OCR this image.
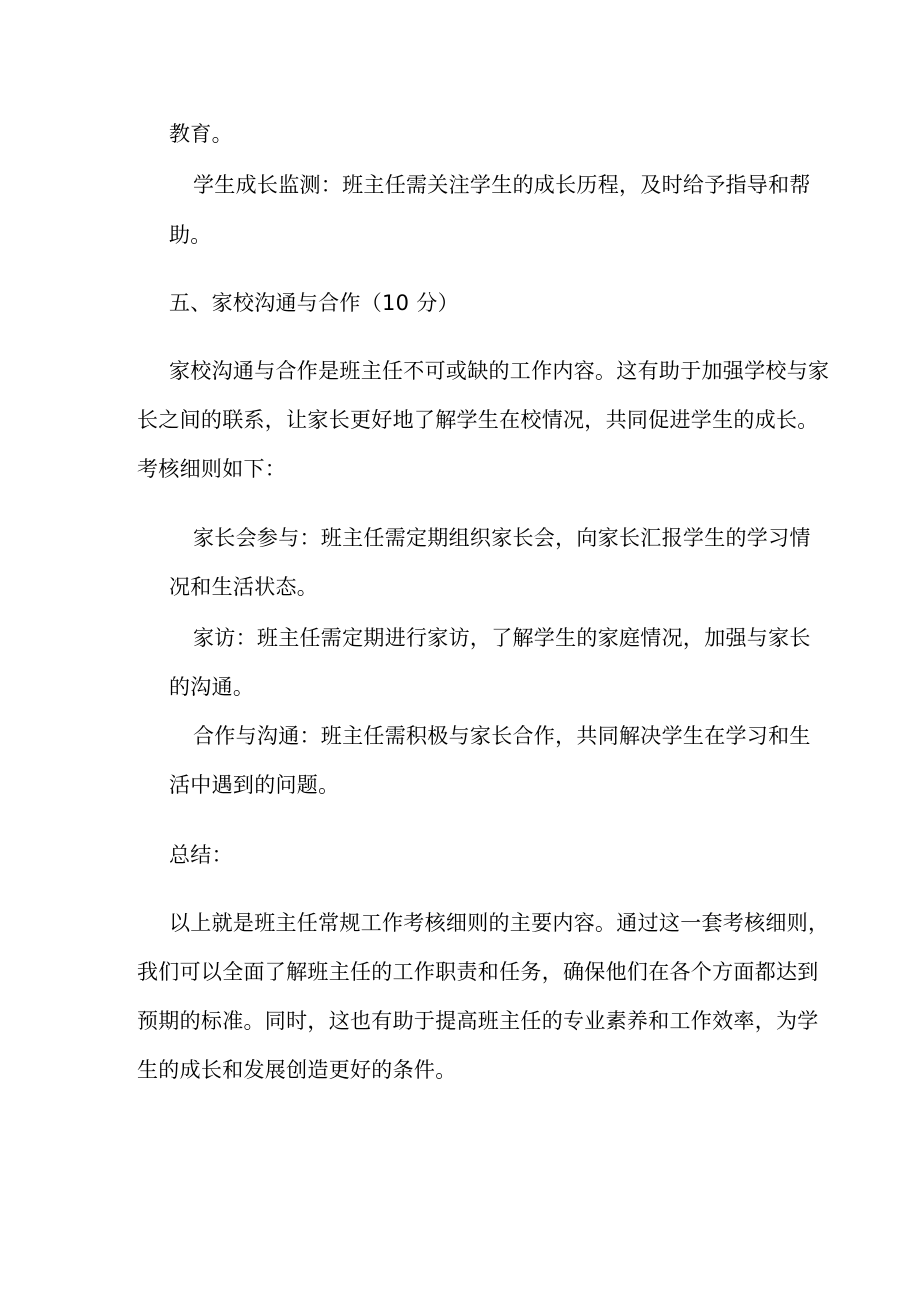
教育。
学生成长监测：班主任需关注学生的成长历程，及时给予指导和帮
助。
五、家校沟通与合作（10 分）
家校沟通与合作是班主任不可或缺的工作内容。这有助于加强学校与家
长之间的联系，让家长更好地了解学生在校情况，共同促进学生的成长。
考核细则如下：
家长会参与：班主任需定期组织家长会，向家长汇报学生的学习情
况和生活状态。
家访：班主任需定期进行家访，了解学生的家庭情况，加强与家长
的沟通。
合作与沟通：班主任需积极与家长合作，共同解决学生在学习和生
活中遇到的问题。
总结：
以上就是班主任常规工作考核细则的主要内容。通过这一套考核细则，
我们可以全面了解班主任的工作职责和任务，确保他们在各个方面都达到
预期的标准。同时，这也有助于提高班主任的专业素养和工作效率，为学
生的成长和发展创造更好的条件。
